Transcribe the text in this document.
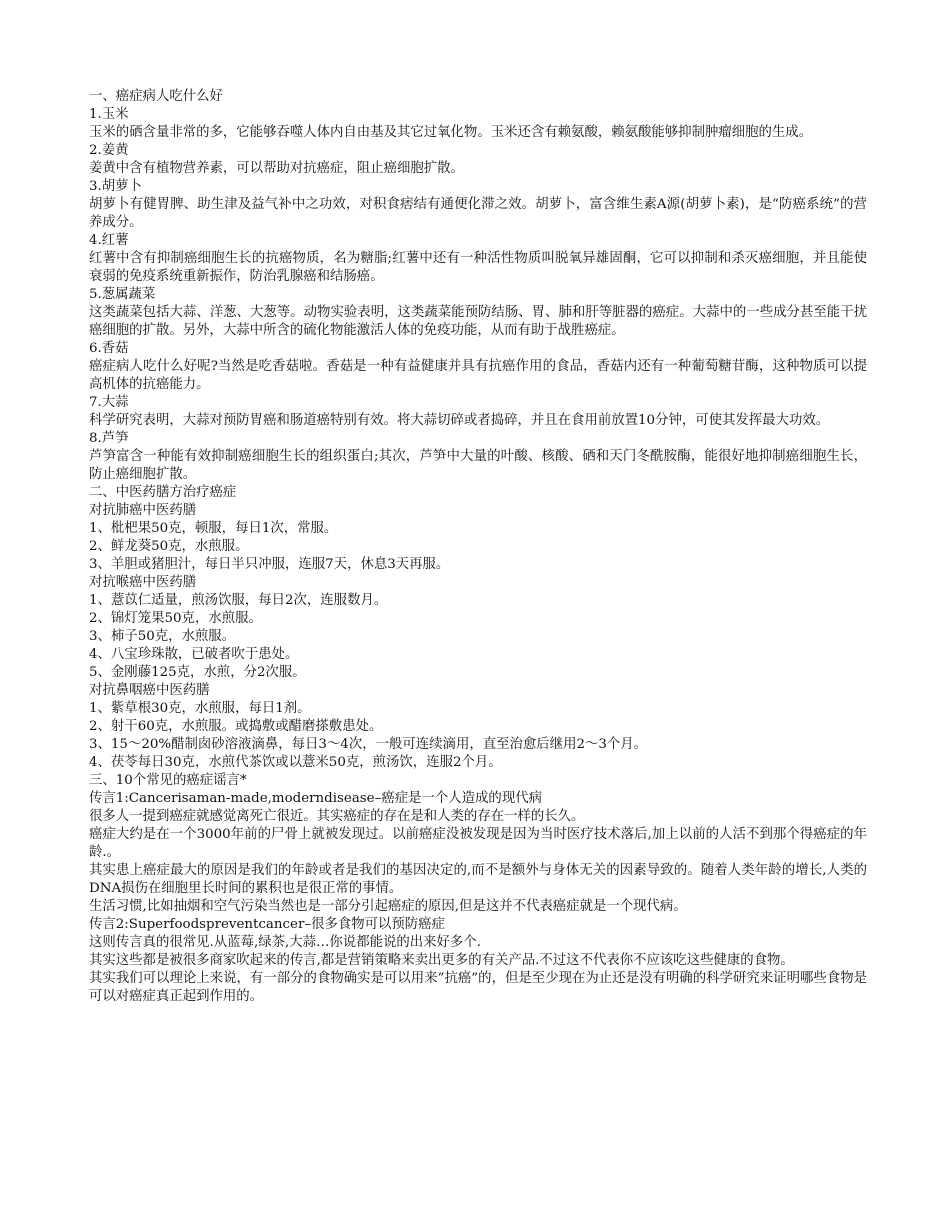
一、癌症病人吃什么好

1.玉米

玉米的硒含量非常的多，它能够吞噬人体内自由基及其它过氧化物。玉米还含有赖氨酸，赖氨酸能够抑制肿瘤细胞的生成。

2.姜黄

姜黄中含有植物营养素，可以帮助对抗癌症，阻止癌细胞扩散。

3.胡萝卜

胡萝卜有健胃脾、助生津及益气补中之功效，对积食痞结有通便化滞之效。胡萝卜，富含维生素A源(胡萝卜素)，是“防癌系统”的营养成分。

4.红薯

红薯中含有抑制癌细胞生长的抗癌物质，名为糖脂;红薯中还有一种活性物质叫脱氧异雄固酮，它可以抑制和杀灭癌细胞，并且能使衰弱的免疫系统重新振作，防治乳腺癌和结肠癌。

5.葱属蔬菜

这类蔬菜包括大蒜、洋葱、大葱等。动物实验表明，这类蔬菜能预防结肠、胃、肺和肝等脏器的癌症。大蒜中的一些成分甚至能干扰癌细胞的扩散。另外，大蒜中所含的硫化物能激活人体的免疫功能，从而有助于战胜癌症。

6.香菇

癌症病人吃什么好呢?当然是吃香菇啦。香菇是一种有益健康并具有抗癌作用的食品，香菇内还有一种葡萄糖苷酶，这种物质可以提高机体的抗癌能力。

7.大蒜

科学研究表明，大蒜对预防胃癌和肠道癌特别有效。将大蒜切碎或者捣碎，并且在食用前放置10分钟，可使其发挥最大功效。

8.芦笋

芦笋富含一种能有效抑制癌细胞生长的组织蛋白;其次，芦笋中大量的叶酸、核酸、硒和天门冬酰胺酶，能很好地抑制癌细胞生长，防止癌细胞扩散。

二、中医药膳方治疗癌症

对抗肺癌中医药膳

1、枇杷果50克，顿服，每日1次，常服。

2、鲜龙葵50克，水煎服。

3、羊胆或猪胆汁，每日半只冲服，连服7天，休息3天再服。

对抗喉癌中医药膳

1、薏苡仁适量，煎汤饮服，每日2次，连服数月。

2、锦灯笼果50克，水煎服。

3、柿子50克，水煎服。

4、八宝珍珠散，已破者吹于患处。

5、金刚藤125克，水煎，分2次服。

对抗鼻咽癌中医药膳

1、紫草根30克，水煎服，每日1剂。

2、射干60克，水煎服。或捣敷或醋磨搽敷患处。

3、15～20%醋制囱砂溶液滴鼻，每日3～4次，一般可连续滴用，直至治愈后继用2～3个月。

4、茯苓每日30克，水煎代茶饮或以薏米50克，煎汤饮，连服2个月。

三、10个常见的癌症谣言*

传言1:Cancerisaman-made,moderndisease–癌症是一个人造成的现代病

很多人一提到癌症就感觉离死亡很近。其实癌症的存在是和人类的存在一样的长久。

癌症大约是在一个3000年前的尸骨上就被发现过。以前癌症没被发现是因为当时医疗技术落后,加上以前的人活不到那个得癌症的年龄.。

其实患上癌症最大的原因是我们的年龄或者是我们的基因决定的,而不是额外与身体无关的因素导致的。随着人类年龄的增长,人类的DNA损伤在细胞里长时间的累积也是很正常的事情。

生活习惯,比如抽烟和空气污染当然也是一部分引起癌症的原因,但是这并不代表癌症就是一个现代病。

传言2:Superfoodspreventcancer–很多食物可以预防癌症

这则传言真的很常见.从蓝莓,绿茶,大蒜…你说都能说的出来好多个.

其实这些都是被很多商家吹起来的传言,都是营销策略来卖出更多的有关产品.不过这不代表你不应该吃这些健康的食物。

其实我们可以理论上来说，有一部分的食物确实是可以用来”抗癌”的，但是至少现在为止还是没有明确的科学研究来证明哪些食物是可以对癌症真正起到作用的。
